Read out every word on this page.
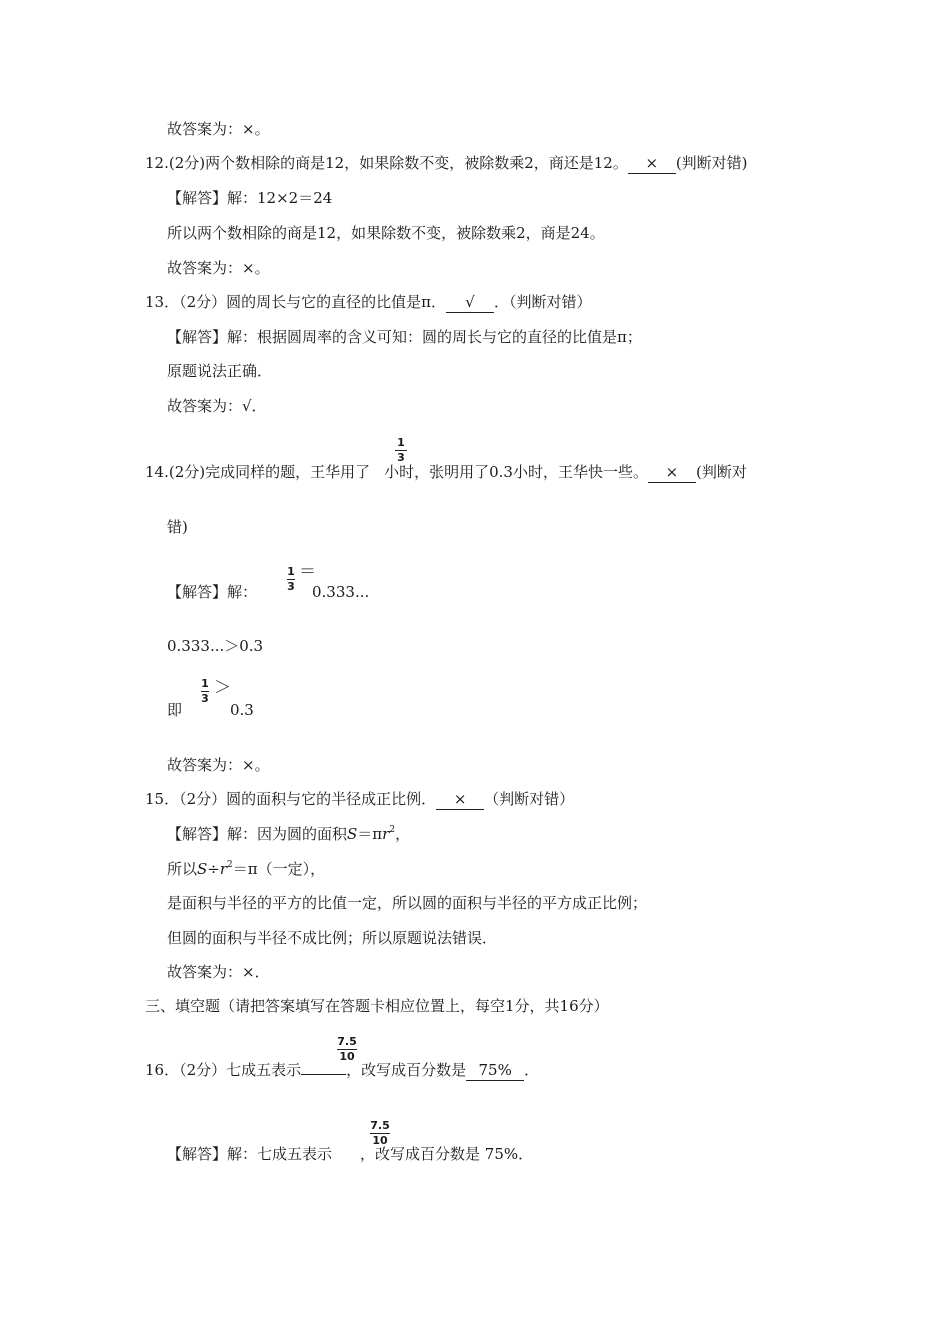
故答案为：×。
12.(2分)两个数相除的商是12，如果除数不变，被除数乘2，商还是12。 × (判断对错)
【解答】解：12×2＝24
所以两个数相除的商是12，如果除数不变，被除数乘2，商是24。
故答案为：×。
13．（2分）圆的周长与它的直径的比值是π． √ ．（判断对错）
【解答】解：根据圆周率的含义可知：圆的周长与它的直径的比值是π；
原题说法正确．
故答案为：√．
1
3
14.(2分)完成同样的题，王华用了 小时，张明用了0.3小时，王华快一些。 × (判断对
错)
【解答】解：
1
3
＝
0.333...
0.333...＞0.3
即
1
3
＞
0.3
故答案为：×。
15．（2分）圆的面积与它的半径成正比例． × （判断对错）
【解答】解：因为圆的面积$S=\pi r^2$，
所以$S\div r^2=\pi$（一定），
是面积与半径的平方的比值一定，所以圆的面积与半径的平方成正比例；
但圆的面积与半径不成比例；所以原题说法错误．
故答案为：×．
三、填空题（请把答案填写在答题卡相应位置上，每空1分，共16分）
7.5
10
16．（2分）七成五表示	，改写成百分数是 75% ．
【解答】解：七成五表示 ，改写成百分数是 75%．
7.5
10
